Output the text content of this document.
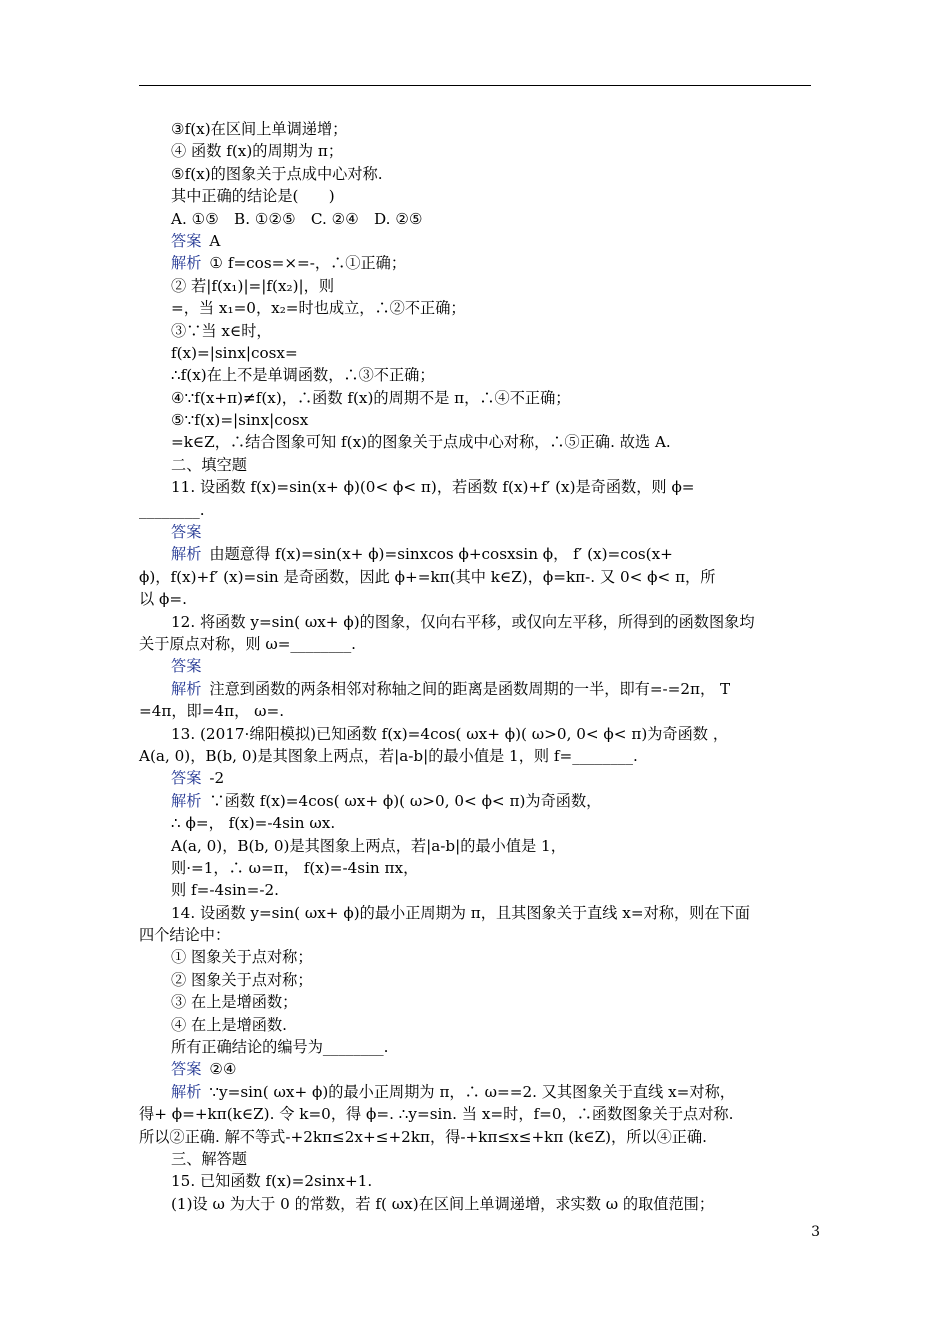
③f(x)在区间上单调递增；
④ 函数 f(x)的周期为 π；
⑤f(x)的图象关于点成中心对称.
其中正确的结论是(　　)
A. ①⑤　B. ①②⑤　C. ②④　D. ②⑤
答案 A
解析 ① f=cos=×=-，∴①正确；
② 若|f(x₁)|=|f(x₂)|，则
=，当 x₁=0，x₂=时也成立，∴②不正确；
③∵当 x∈时，
f(x)=|sinx|cosx=
∴f(x)在上不是单调函数，∴③不正确；
④∵f(x+π)≠f(x)，∴函数 f(x)的周期不是 π，∴④不正确；
⑤∵f(x)=|sinx|cosx
=k∈Z，∴结合图象可知 f(x)的图象关于点成中心对称，∴⑤正确. 故选 A.
二、填空题
11. 设函数 f(x)=sin(x+ ϕ)(0< ϕ< π)，若函数 f(x)+f′ (x)是奇函数，则 ϕ=
________.
答案
解析 由题意得 f(x)=sin(x+ ϕ)=sinxcos ϕ+cosxsin ϕ， f′ (x)=cos(x+
ϕ)，f(x)+f′ (x)=sin 是奇函数，因此 ϕ+=kπ(其中 k∈Z)，ϕ=kπ-. 又 0< ϕ< π，所
以 ϕ=.
12. 将函数 y=sin( ωx+ ϕ)的图象，仅向右平移，或仅向左平移，所得到的函数图象均
关于原点对称，则 ω=________.
答案
解析 注意到函数的两条相邻对称轴之间的距离是函数周期的一半，即有=-=2π， T
=4π，即=4π， ω=.
13. (2017·绵阳模拟)已知函数 f(x)=4cos( ωx+ ϕ)( ω>0, 0< ϕ< π)为奇函数 ，
A(a, 0)，B(b, 0)是其图象上两点，若|a-b|的最小值是 1，则 f=________.
答案 -2
解析 ∵函数 f(x)=4cos( ωx+ ϕ)( ω>0, 0< ϕ< π)为奇函数，
∴ ϕ=， f(x)=-4sin ωx.
A(a, 0)，B(b, 0)是其图象上两点，若|a-b|的最小值是 1，
则·=1，∴ ω=π， f(x)=-4sin πx，
则 f=-4sin=-2.
14. 设函数 y=sin( ωx+ ϕ)的最小正周期为 π，且其图象关于直线 x=对称，则在下面
四个结论中：
① 图象关于点对称；
② 图象关于点对称；
③ 在上是增函数；
④ 在上是增函数.
所有正确结论的编号为________.
答案 ②④
解析 ∵y=sin( ωx+ ϕ)的最小正周期为 π，∴ ω==2. 又其图象关于直线 x=对称，
得+ ϕ=+kπ(k∈Z). 令 k=0，得 ϕ=. ∴y=sin. 当 x=时，f=0，∴函数图象关于点对称.
所以②正确. 解不等式-+2kπ≤2x+≤+2kπ，得-+kπ≤x≤+kπ (k∈Z)，所以④正确.
三、解答题
15. 已知函数 f(x)=2sinx+1.
(1)设 ω 为大于 0 的常数，若 f( ωx)在区间上单调递增，求实数 ω 的取值范围；
3
